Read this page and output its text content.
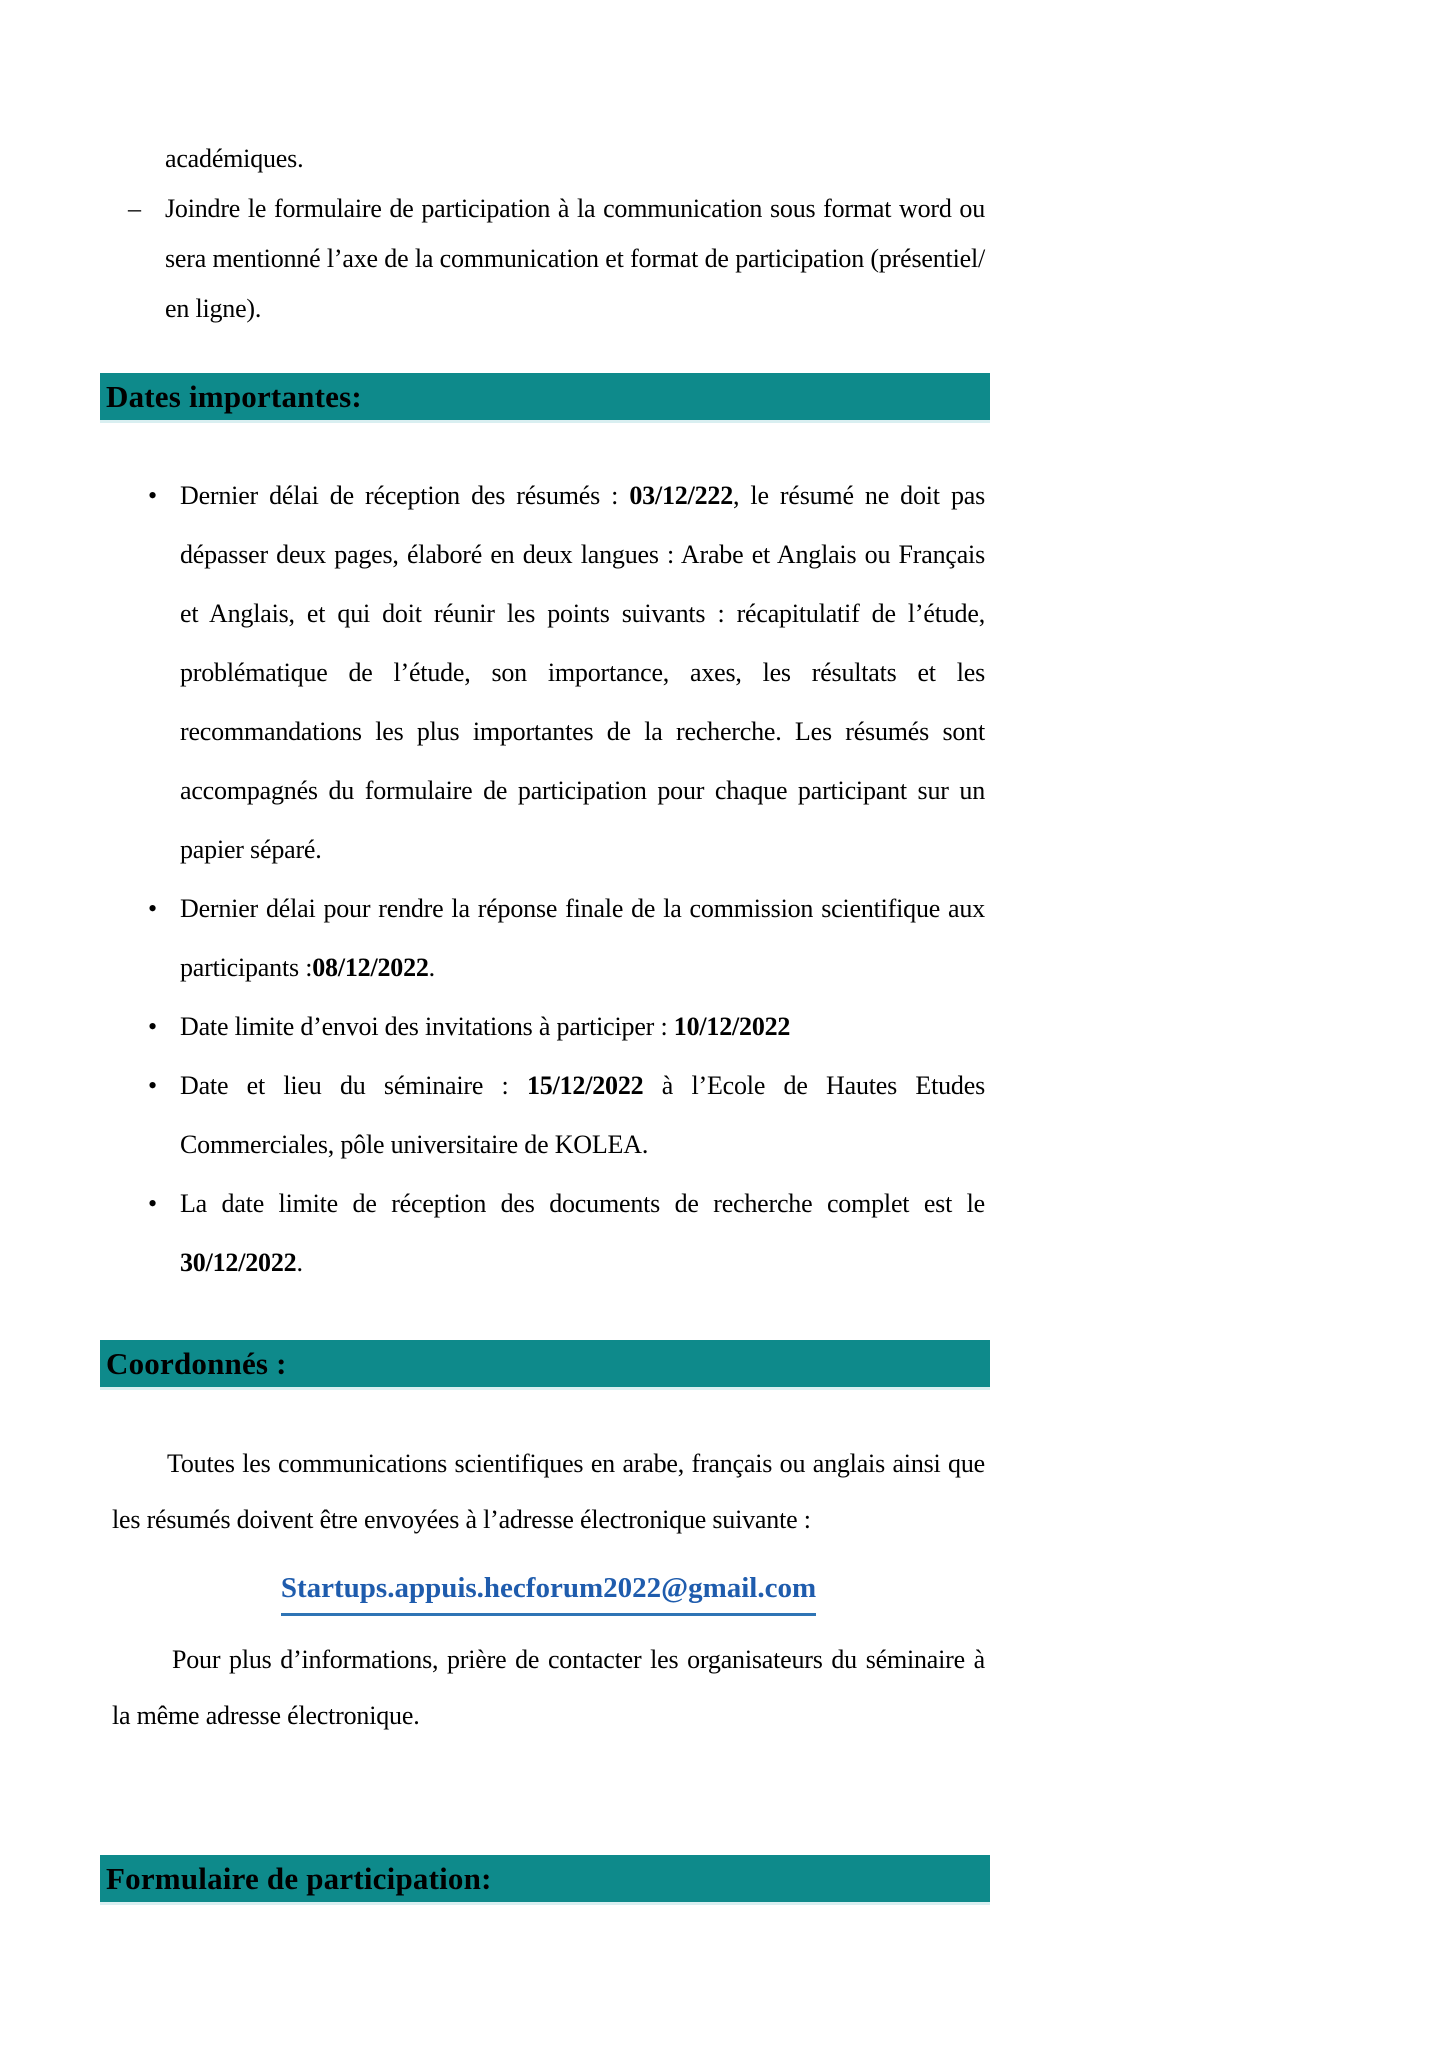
académiques.
– Joindre le formulaire de participation à la communication sous format word ou sera mentionné l’axe de la communication et format de participation (présentiel/ en ligne).
Dates importantes:
• Dernier délai de réception des résumés : 03/12/222, le résumé ne doit pas dépasser deux pages, élaboré en deux langues : Arabe et Anglais ou Français et Anglais, et qui doit réunir les points suivants : récapitulatif de l’étude, problématique de l’étude, son importance, axes, les résultats et les recommandations les plus importantes de la recherche. Les résumés sont accompagnés du formulaire de participation pour chaque participant sur un papier séparé.
• Dernier délai pour rendre la réponse finale de la commission scientifique aux participants :08/12/2022.
• Date limite d’envoi des invitations à participer : 10/12/2022
• Date et lieu du séminaire : 15/12/2022 à l’Ecole de Hautes Etudes Commerciales, pôle universitaire de KOLEA.
• La date limite de réception des documents de recherche complet est le 30/12/2022.
Coordonnés :

Toutes les communications scientifiques en arabe, français ou anglais ainsi que les résumés doivent être envoyées à l’adresse électronique suivante :

Startups.appuis.hecforum2022@gmail.com

Pour plus d’informations, prière de contacter les organisateurs du séminaire à la même adresse électronique.

Formulaire de participation:
